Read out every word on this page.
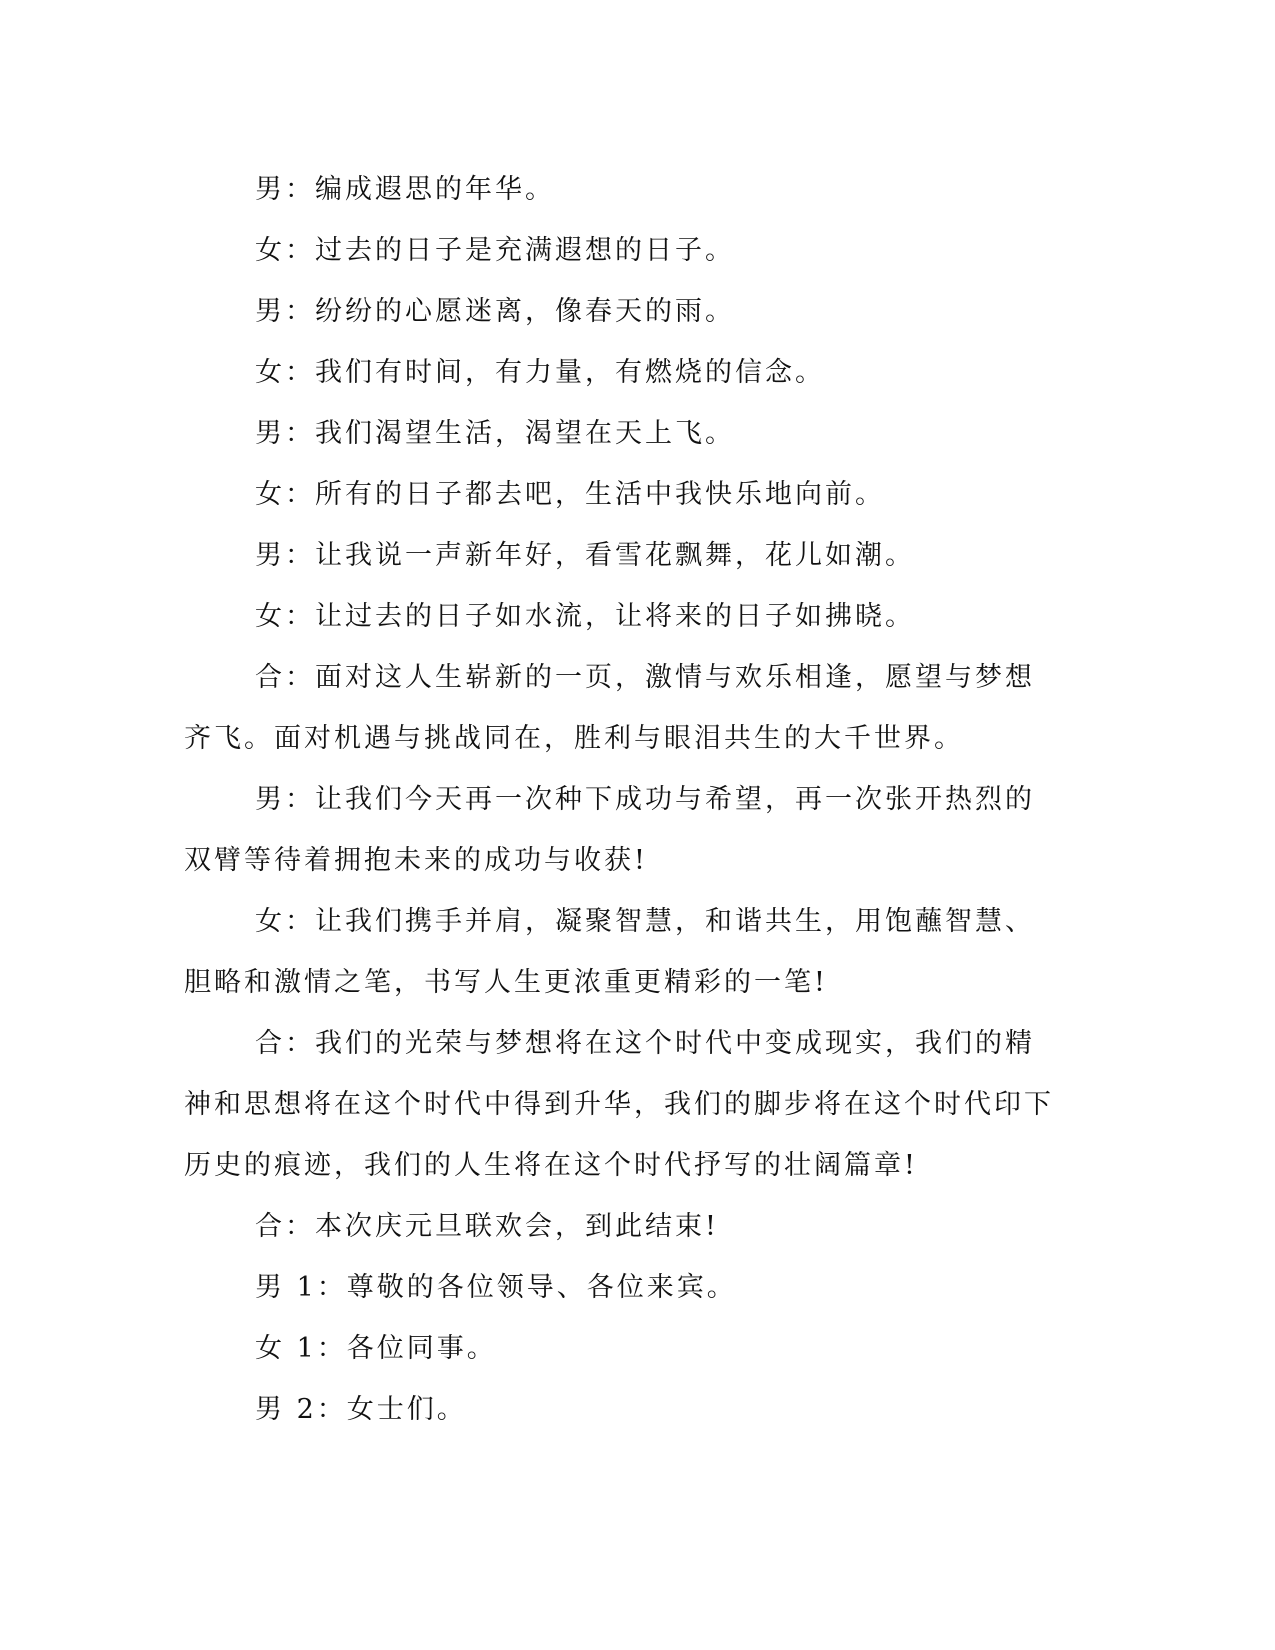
男：编成遐思的年华。

女：过去的日子是充满遐想的日子。

男：纷纷的心愿迷离，像春天的雨。

女：我们有时间，有力量，有燃烧的信念。

男：我们渴望生活，渴望在天上飞。

女：所有的日子都去吧，生活中我快乐地向前。

男：让我说一声新年好，看雪花飘舞，花儿如潮。

女：让过去的日子如水流，让将来的日子如拂晓。

合：面对这人生崭新的一页，激情与欢乐相逢，愿望与梦想齐飞。面对机遇与挑战同在，胜利与眼泪共生的大千世界。

男：让我们今天再一次种下成功与希望，再一次张开热烈的双臂等待着拥抱未来的成功与收获!

女：让我们携手并肩，凝聚智慧，和谐共生，用饱蘸智慧、胆略和激情之笔，书写人生更浓重更精彩的一笔!

合：我们的光荣与梦想将在这个时代中变成现实，我们的精神和思想将在这个时代中得到升华，我们的脚步将在这个时代印下历史的痕迹，我们的人生将在这个时代抒写的壮阔篇章!

合：本次庆元旦联欢会，到此结束!

男 1：尊敬的各位领导、各位来宾。

女 1：各位同事。

男 2：女士们。
